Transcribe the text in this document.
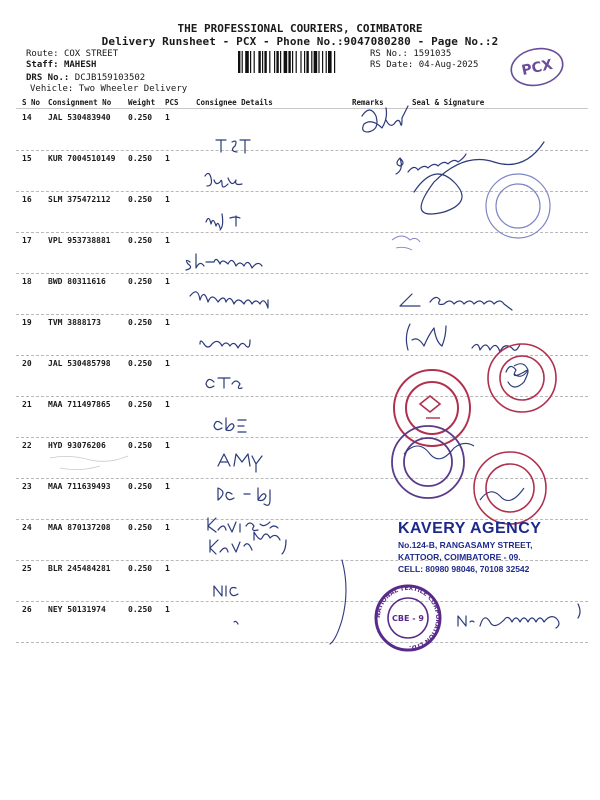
THE PROFESSIONAL COURIERS, COIMBATORE
Delivery Runsheet - PCX - Phone No.:9047080280 - Page No.:2
Route: COX STREET
Staff: MAHESH
DRS No.: DCJB159103502
Vehicle: Two Wheeler Delivery
RS No.: 1591035
RS Date: 04-Aug-2025	PCX
S No Consignment No Weight PCS Consignee Details	Remarks	Seal & Signature
14 JAL 530483940 0.250 1
15 KUR 7004510149 0.250 1
16 SLM 375472112 0.250 1
17 VPL 953738881 0.250 1
18 BWD 80311616	0.250 1
19 TVM 3888173	0.250 1
20 JAL 530485798 0.250 1
21 MAA 711497865 0.250 1
22 HYD 93076206	0.250 1
23 MAA 711639493 0.250 1
24 MAA 870137208 0.250 1
25 BLR 245484281 0.250 1
26 NEY 50131974	0.250 1
NATIONAL TEXTILE CORPORATION LTD.
CBE - 9
KAVERY AGENCY
No.124-B, RANGASAMY STREET,
KATTOOR, COIMBATORE - 09.
CELL: 80980 98046, 70108 32542
